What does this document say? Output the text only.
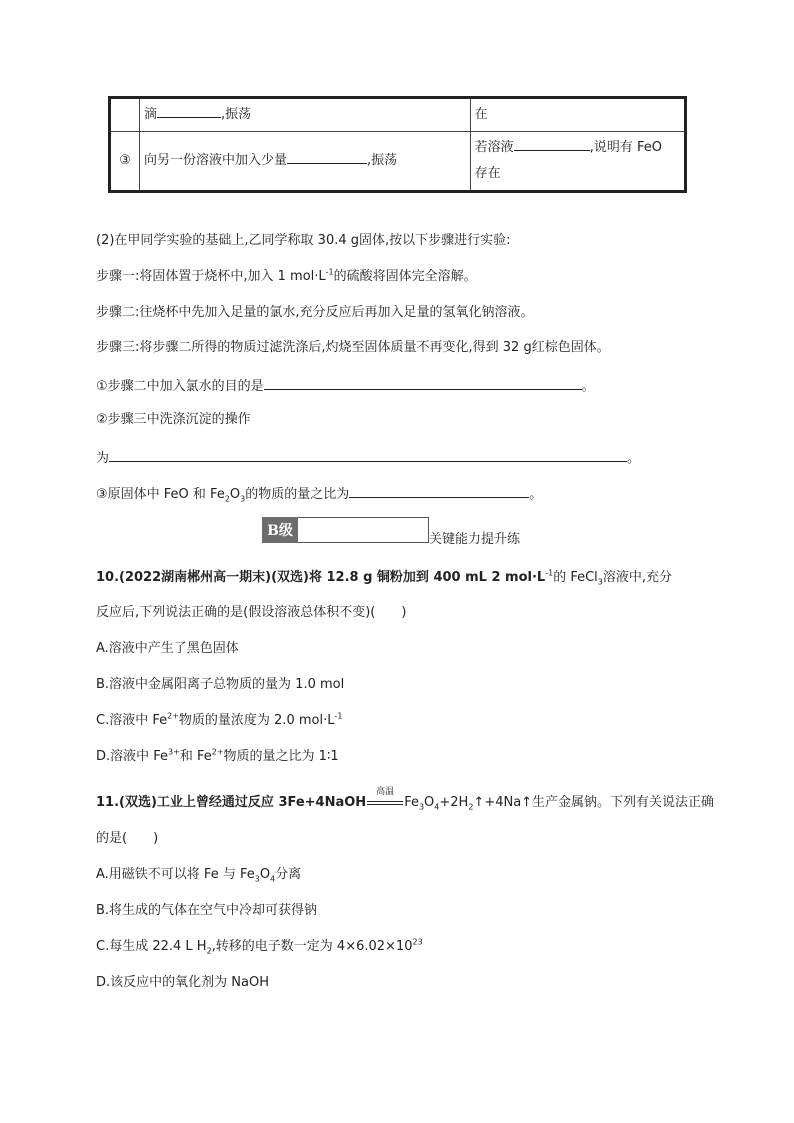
	滴 ,振荡	在
③	向另一份溶液中加入少量 ,振荡	若溶液 ,说明有 FeO
存在
(2)在甲同学实验的基础上,乙同学称取 30.4 g固体,按以下步骤进行实验:
步骤一:将固体置于烧杯中,加入 1 $mol\cdot L^{-1}$的硫酸将固体完全溶解。
步骤二:往烧杯中先加入足量的氯水,充分反应后再加入足量的氢氧化钠溶液。
步骤三:将步骤二所得的物质过滤洗涤后,灼烧至固体质量不再变化,得到 32 g红棕色固体。
①步骤二中加入氯水的目的是	。
②步骤三中洗涤沉淀的操作
为	。
③原固体中 FeO 和 $Fe_2O_3$的物质的量之比为	。
B级
关键能力提升练
10.(2022湖南郴州高一期末)(双选)将 12.8 g 铜粉加到 400 mL 2 $mol\cdot L^{-1}$的 FeCl$_3$溶液中,充分
反应后,下列说法正确的是(假设溶液总体积不变)(　　)
A.溶液中产生了黑色固体
B.溶液中金属阳离子总物质的量为 1.0 mol
C.溶液中 $Fe^{2+}$物质的量浓度为 2.0 $mol\cdot L^{-1}$
D.溶液中 $Fe^{3+}$和 $Fe^{2+}$物质的量之比为 1∶1
11.(双选)工业上曾经通过反应 3Fe+4NaOH
高温
$Fe_3O_4+2H_2↑+4Na↑$生产金属钠。下列有关说法正确
的是(　　)
A.用磁铁不可以将 Fe 与 $Fe_3O_4$分离
B.将生成的气体在空气中冷却可获得钠
C.每生成 22.4 L $H_2$,转移的电子数一定为 $4\times 6.02\times 10^{23}$
D.该反应中的氧化剂为 NaOH
